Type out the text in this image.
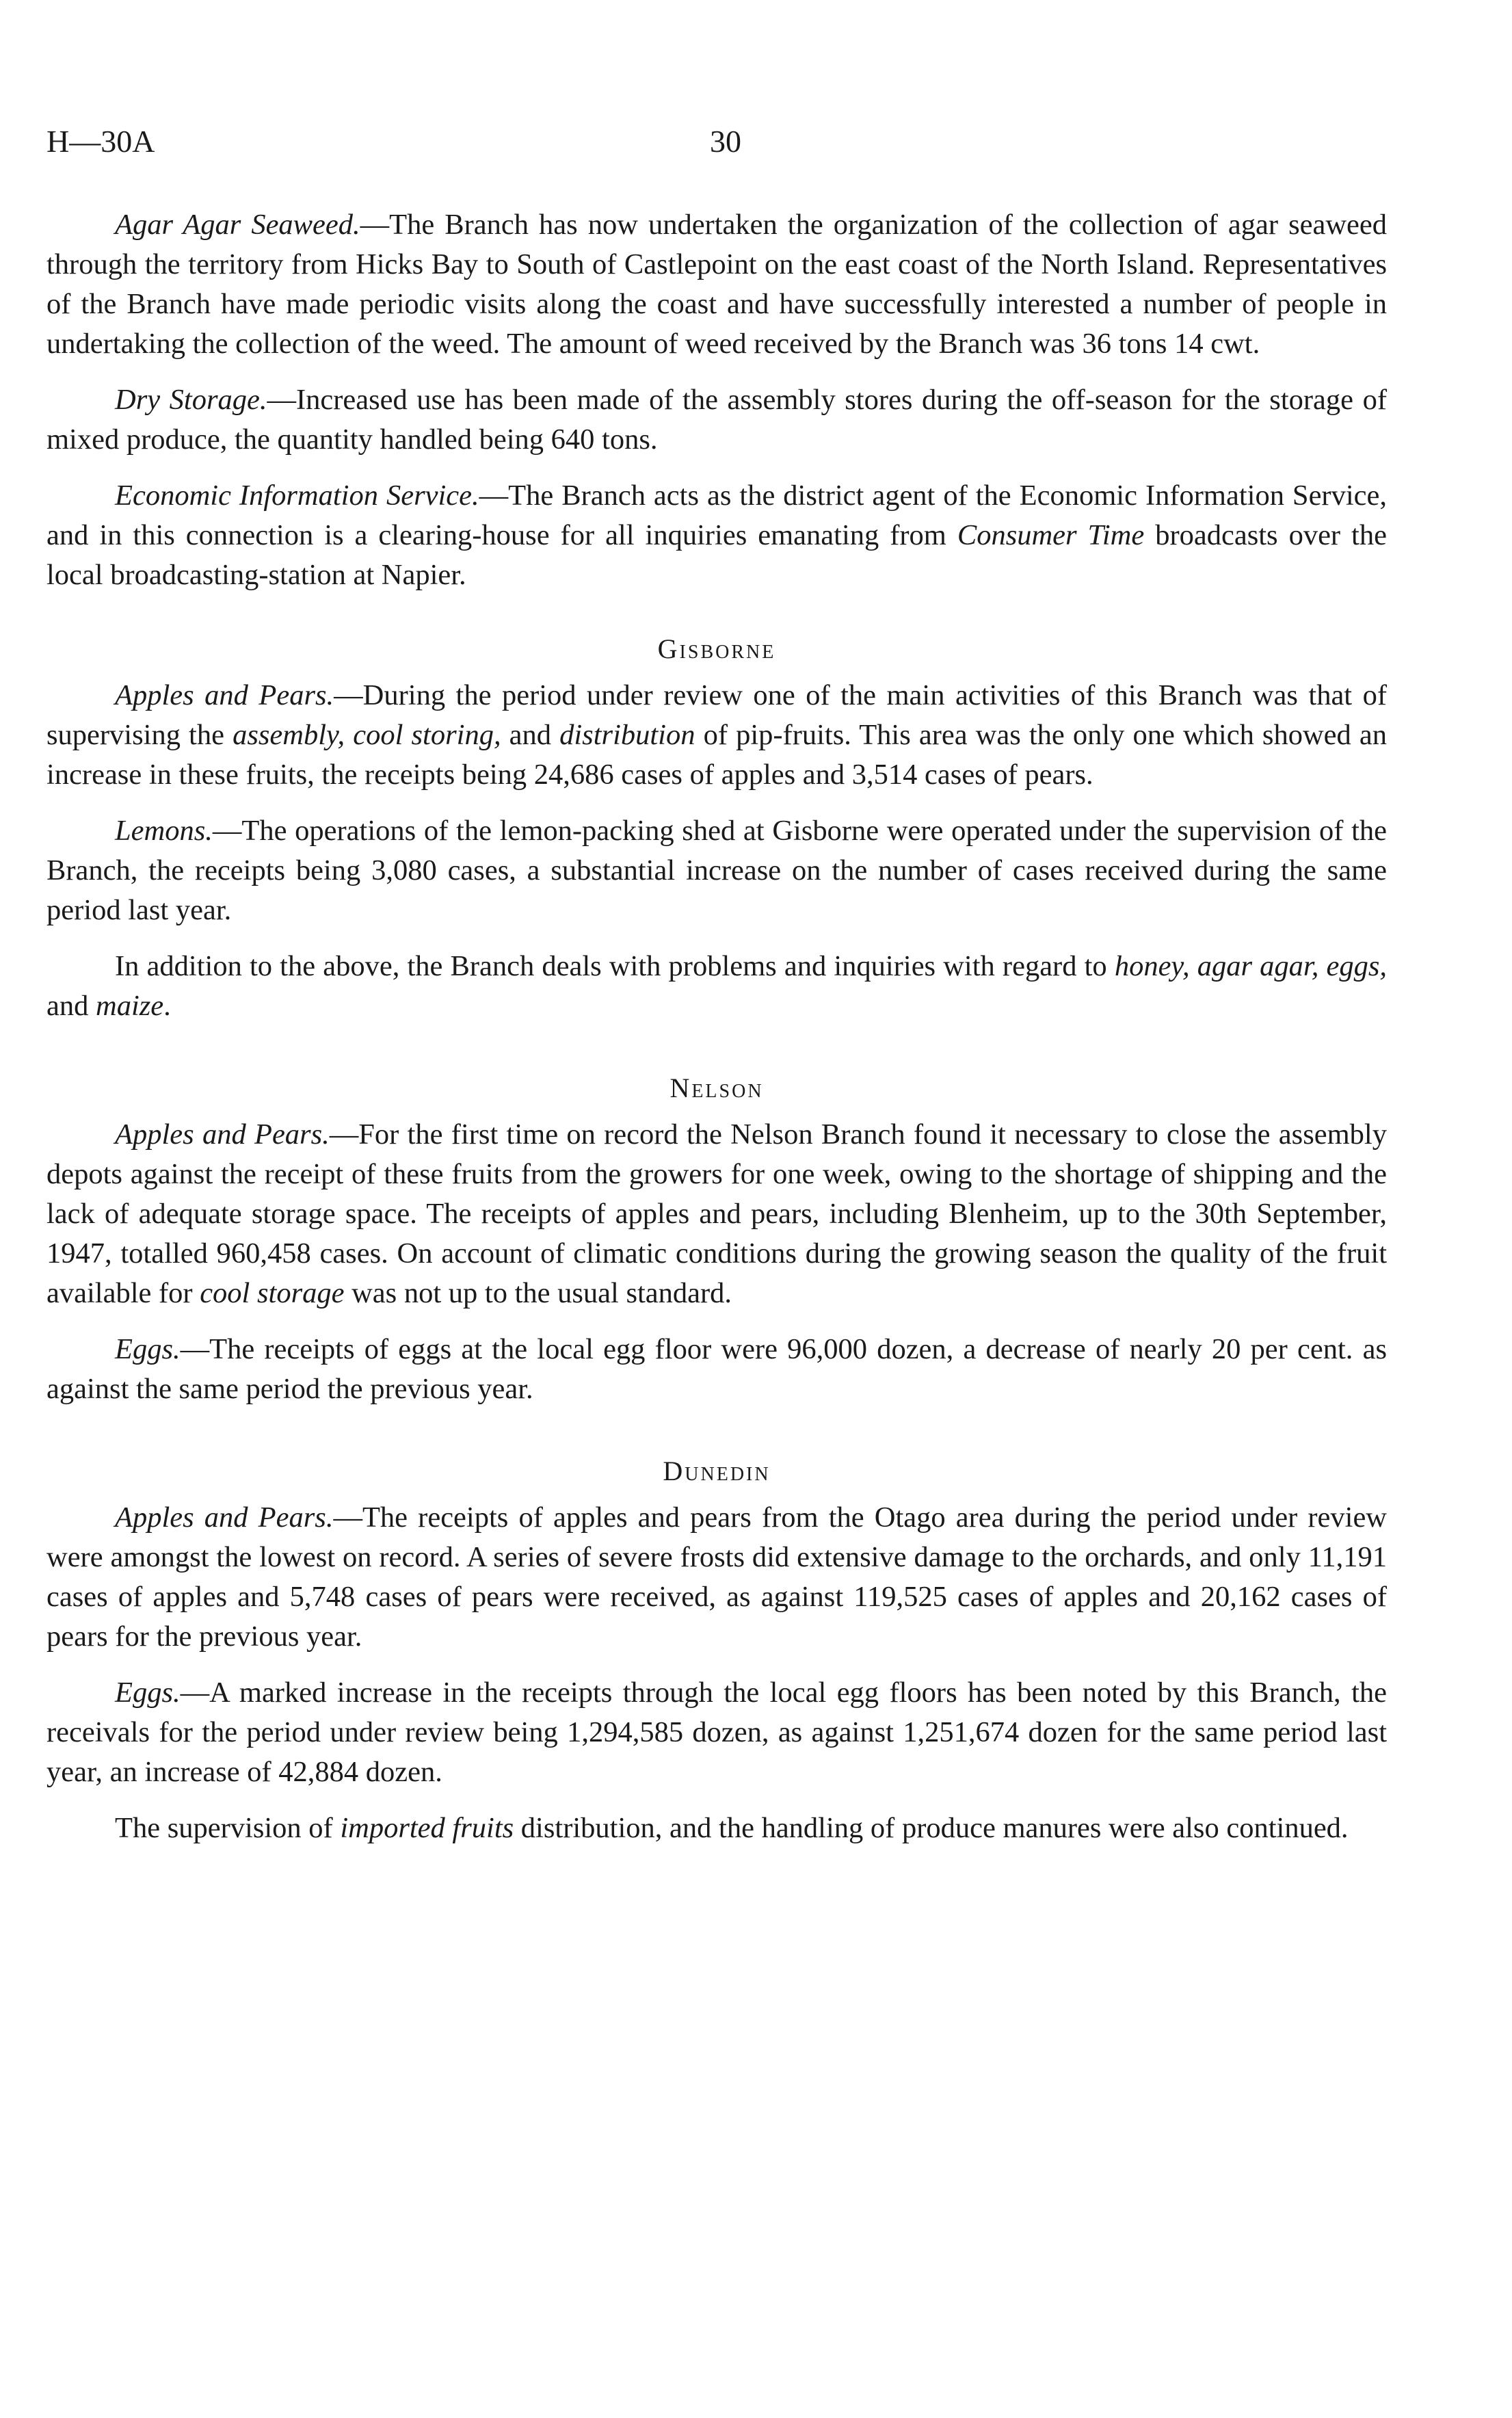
H—30A	30

Agar Agar Seaweed.—The Branch has now undertaken the organization of the collection of agar seaweed through the territory from Hicks Bay to South of Castlepoint on the east coast of the North Island. Representatives of the Branch have made periodic visits along the coast and have successfully interested a number of people in undertaking the collection of the weed. The amount of weed received by the Branch was 36 tons 14 cwt.

Dry Storage.—Increased use has been made of the assembly stores during the off-season for the storage of mixed produce, the quantity handled being 640 tons.

Economic Information Service.—The Branch acts as the district agent of the Economic Information Service, and in this connection is a clearing-house for all inquiries emanating from Consumer Time broadcasts over the local broadcasting-station at Napier.

Gisborne

Apples and Pears.—During the period under review one of the main activities of this Branch was that of supervising the assembly, cool storing, and distribution of pip-fruits. This area was the only one which showed an increase in these fruits, the receipts being 24,686 cases of apples and 3,514 cases of pears.

Lemons.—The operations of the lemon-packing shed at Gisborne were operated under the supervision of the Branch, the receipts being 3,080 cases, a substantial increase on the number of cases received during the same period last year.

In addition to the above, the Branch deals with problems and inquiries with regard to honey, agar agar, eggs, and maize.

Nelson

Apples and Pears.—For the first time on record the Nelson Branch found it necessary to close the assembly depots against the receipt of these fruits from the growers for one week, owing to the shortage of shipping and the lack of adequate storage space. The receipts of apples and pears, including Blenheim, up to the 30th September, 1947, totalled 960,458 cases. On account of climatic conditions during the growing season the quality of the fruit available for cool storage was not up to the usual standard.

Eggs.—The receipts of eggs at the local egg floor were 96,000 dozen, a decrease of nearly 20 per cent. as against the same period the previous year.

Dunedin

Apples and Pears.—The receipts of apples and pears from the Otago area during the period under review were amongst the lowest on record. A series of severe frosts did extensive damage to the orchards, and only 11,191 cases of apples and 5,748 cases of pears were received, as against 119,525 cases of apples and 20,162 cases of pears for the previous year.

Eggs.—A marked increase in the receipts through the local egg floors has been noted by this Branch, the receivals for the period under review being 1,294,585 dozen, as against 1,251,674 dozen for the same period last year, an increase of 42,884 dozen.

The supervision of imported fruits distribution, and the handling of produce manures were also continued.
